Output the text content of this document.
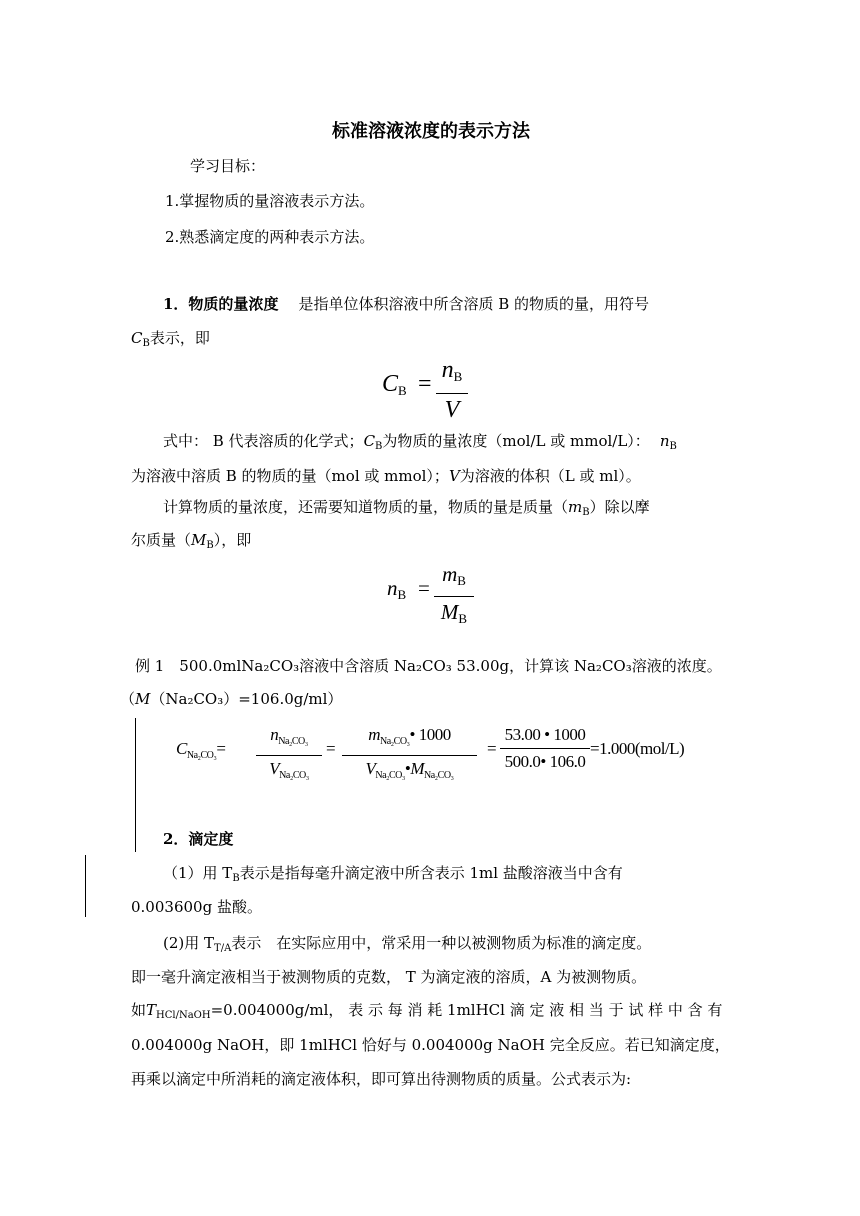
标准溶液浓度的表示方法
学习目标：
1.掌握物质的量溶液表示方法。
2.熟悉滴定度的两种表示方法。
1．物质的量浓度 是指单位体积溶液中所含溶质 B 的物质的量，用符号
$C_B$表示，即
$C_B$ =
$n_B$
V
式中： B 代表溶质的化学式；$C_B$为物质的量浓度（mol/L 或 mmol/L）： $n_B$
为溶液中溶质 B 的物质的量（mol 或 mmol）；V为溶液的体积（L 或 ml）。
计算物质的量浓度，还需要知道物质的量，物质的量是质量$(m_B)$除以摩
尔质量$(M_B)$，即
$n_B$ =
$m_B$
$M_B$
例 1　500.0mlNa₂CO₃溶液中含溶质 Na₂CO₃ 53.00g，计算该 Na₂CO₃溶液的浓度。
（M（Na₂CO₃）=106.0g/ml）
$C_{Na_2CO_3}=$
$n_{Na_2CO_3}$
$V_{Na_2CO_3}$
=
$m_{Na_2CO_3}•$ 1000
$V_{Na_2CO_3}•M_{Na_2CO_3}$
=
53.00 • 1000
500.0• 106.0
=1.000(mol/L)
2．滴定度
（1）用 $T_B$表示是指每毫升滴定液中所含表示 1ml 盐酸溶液当中含有
0.003600g 盐酸。
(2)用 $T_{T/A}$表示　在实际应用中，常采用一种以被测物质为标准的滴定度。
即一毫升滴定液相当于被测物质的克数， T 为滴定液的溶质，A 为被测物质。
如$T_{HCl/NaOH}=0.004000g/ml$， 表 示 每 消 耗 1mlHCl 滴 定 液 相 当 于 试 样 中 含 有
0.004000g NaOH，即 1mlHCl 恰好与 0.004000g NaOH 完全反应。若已知滴定度，
再乘以滴定中所消耗的滴定液体积，即可算出待测物质的质量。公式表示为:
